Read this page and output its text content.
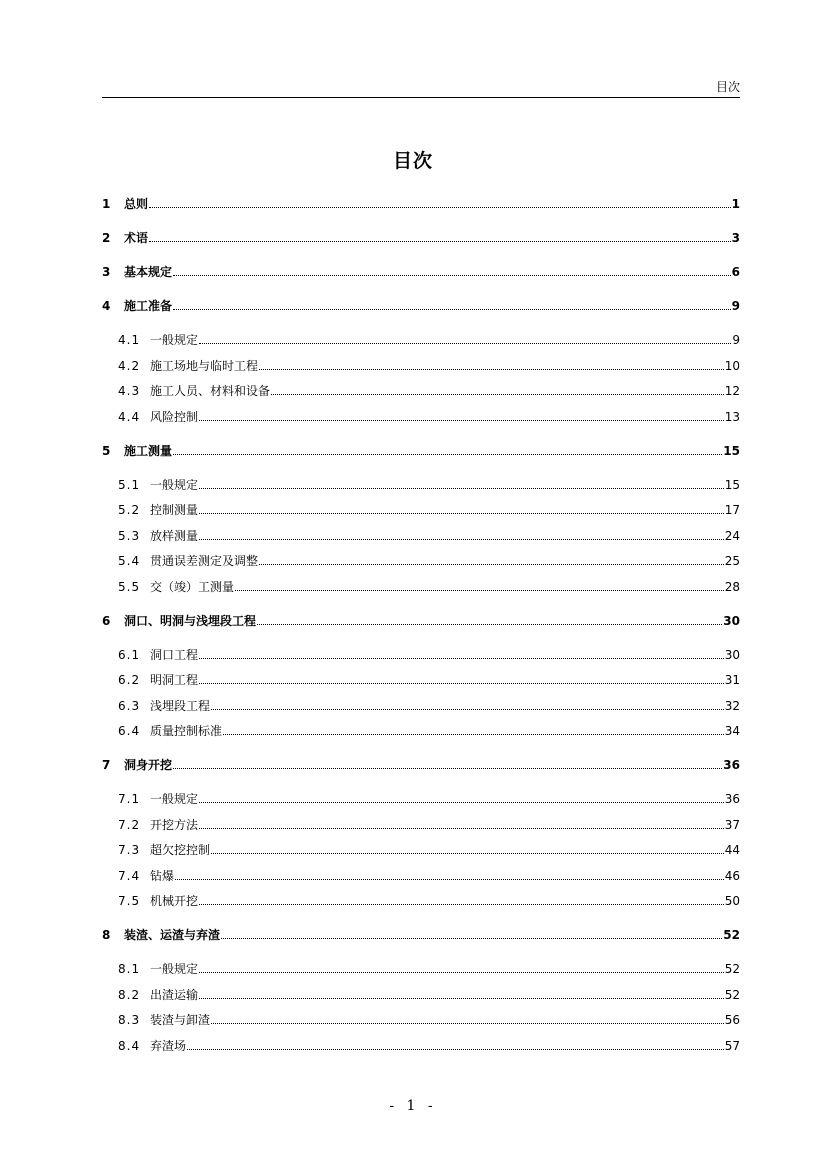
目次
目次
1	总则	1
2	术语	3
3	基本规定	6
4	施工准备	9
4.1 一般规定	9
4.2 施工场地与临时工程	10
4.3 施工人员、材料和设备	12
4.4 风险控制	13
5	施工测量	15
5.1 一般规定	15
5.2 控制测量	17
5.3 放样测量	24
5.4 贯通误差测定及调整	25
5.5 交（竣）工测量	28
6	洞口、明洞与浅埋段工程	30
6.1 洞口工程	30
6.2 明洞工程	31
6.3 浅埋段工程	32
6.4 质量控制标准	34
7	洞身开挖	36
7.1 一般规定	36
7.2 开挖方法	37
7.3 超欠挖控制	44
7.4 钻爆	46
7.5 机械开挖	50
8	装渣、运渣与弃渣	52
8.1 一般规定	52
8.2 出渣运输	52
8.3 装渣与卸渣	56
8.4 弃渣场	57
- 1 -
